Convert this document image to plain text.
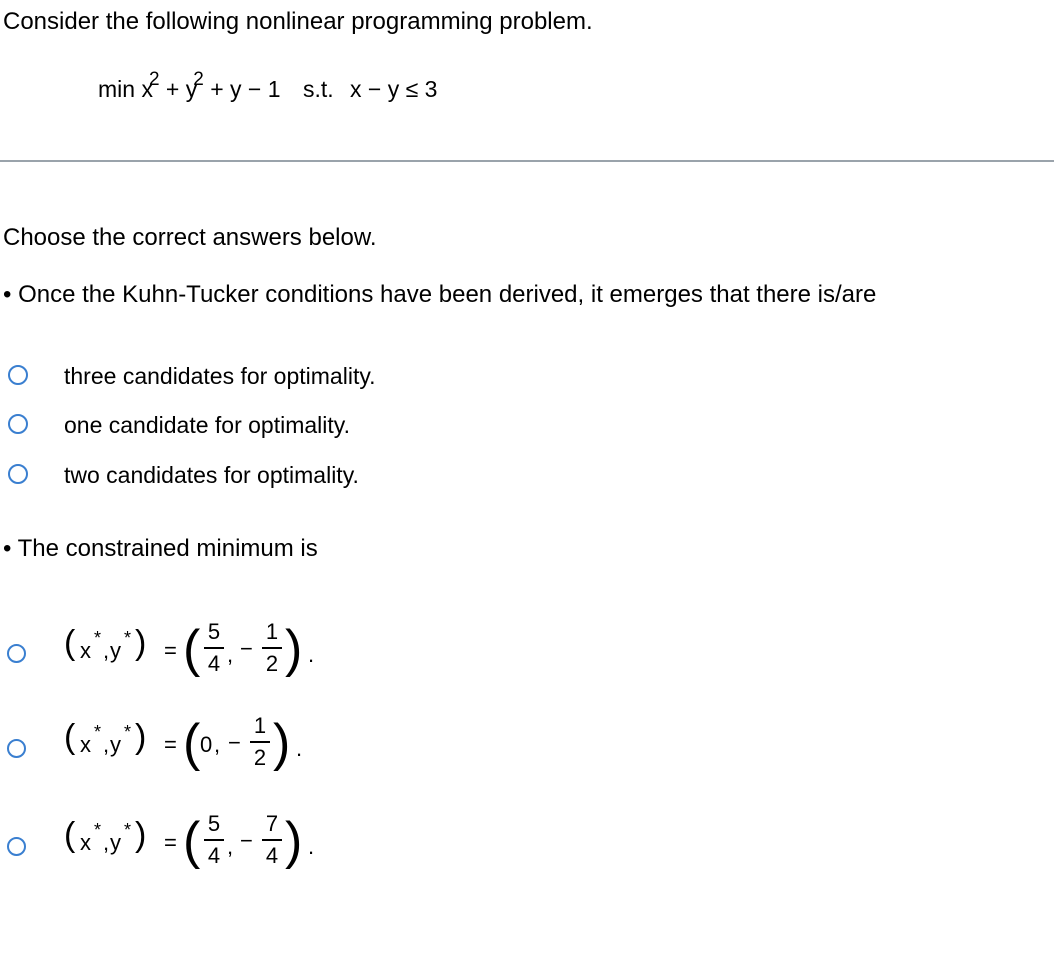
Consider the following nonlinear programming problem.
$\min x^2 + y^2 + y - 1$ s.t. x − y ≤ 3
Choose the correct answers below.
• Once the Kuhn-Tucker conditions have been derived, it emerges that there is/are
three candidates for optimality.
one candidate for optimality.
two candidates for optimality.
• The constrained minimum is
( x * , y * ) = ( 5
4 , −
1
2 ) .
( x * , y * ) = ( 0 , −
1
2 ) .
( x * , y * ) = ( 5
4 , −
7
4 ) .
